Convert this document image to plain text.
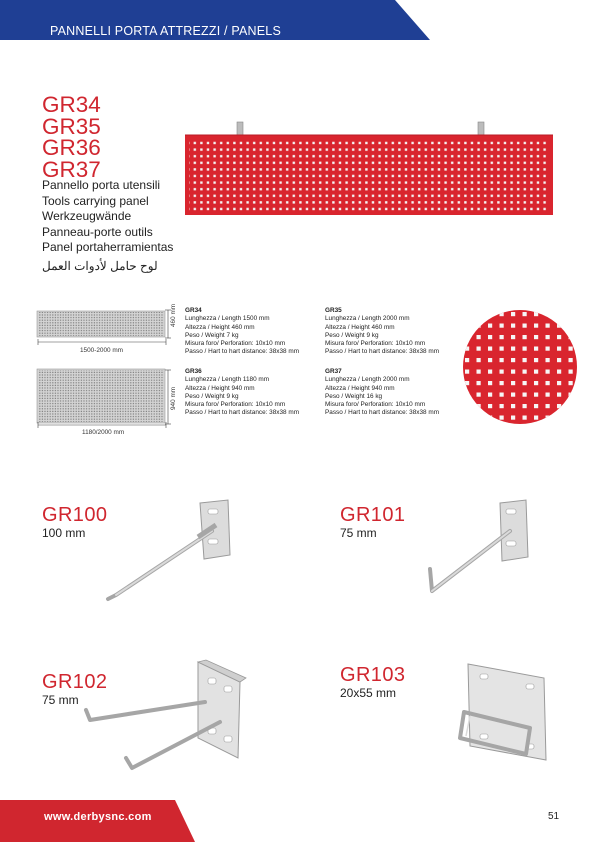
PANNELLI PORTA ATTREZZI / PANELS
GR34
GR35
GR36
GR37
Pannello porta utensili
Tools carrying panel
Werkzeugwände
Panneau-porte outils
Panel portaherramientas
لوح حامل لأدوات العمل
460 mm
1500-2000 mm
940 mm
1180/2000 mm
GR34
Lunghezza / Length 1500 mm
Altezza / Height 460 mm
Peso / Weight 7 kg
Misura foro/ Perforation: 10x10 mm
Passo / Hart to hart distance: 38x38 mm
GR35
Lunghezza / Length 2000 mm
Altezza / Height 460 mm
Peso / Weight 9 kg
Misura foro/ Perforation: 10x10 mm
Passo / Hart to hart distance: 38x38 mm
GR36
Lunghezza / Length 1180 mm
Altezza / Height 940 mm
Peso / Weight 9 kg
Misura foro/ Perforation: 10x10 mm
Passo / Hart to hart distance: 38x38 mm
GR37
Lunghezza / Length 2000 mm
Altezza / Height 940 mm
Peso / Weight 16 kg
Misura foro/ Perforation: 10x10 mm
Passo / Hart to hart distance: 38x38 mm
GR100
100 mm
GR101
75 mm
GR102
75 mm
GR103
20x55 mm
www.derbysnc.com	51
